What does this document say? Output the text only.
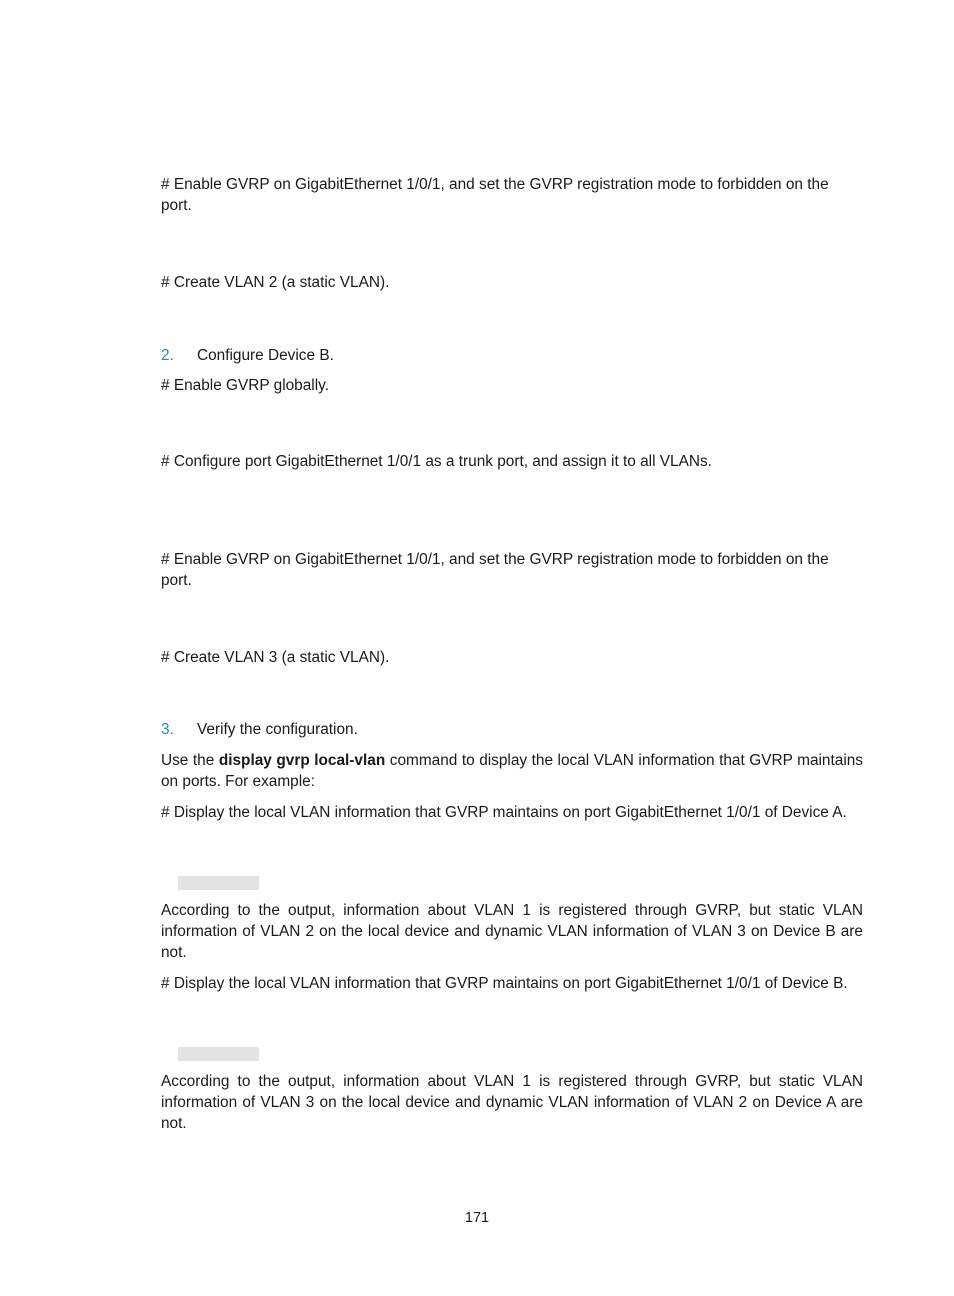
# Enable GVRP on GigabitEthernet 1/0/1, and set the GVRP registration mode to forbidden on the port.

# Create VLAN 2 (a static VLAN).

2. Configure Device B.

# Enable GVRP globally.

# Configure port GigabitEthernet 1/0/1 as a trunk port, and assign it to all VLANs.

# Enable GVRP on GigabitEthernet 1/0/1, and set the GVRP registration mode to forbidden on the port.

# Create VLAN 3 (a static VLAN).

3. Verify the configuration.

Use the display gvrp local-vlan command to display the local VLAN information that GVRP maintains on ports. For example:

# Display the local VLAN information that GVRP maintains on port GigabitEthernet 1/0/1 of Device A.

According to the output, information about VLAN 1 is registered through GVRP, but static VLAN information of VLAN 2 on the local device and dynamic VLAN information of VLAN 3 on Device B are not.

# Display the local VLAN information that GVRP maintains on port GigabitEthernet 1/0/1 of Device B.

According to the output, information about VLAN 1 is registered through GVRP, but static VLAN information of VLAN 3 on the local device and dynamic VLAN information of VLAN 2 on Device A are not.

171
